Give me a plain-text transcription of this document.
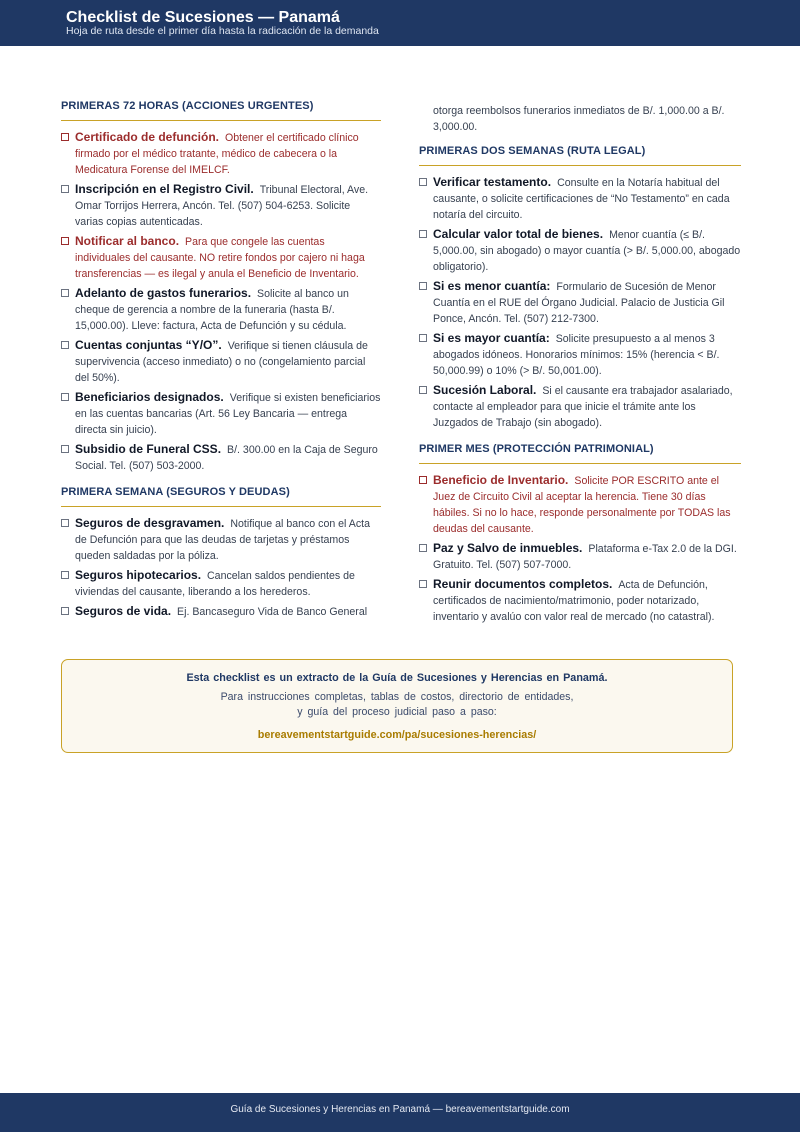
Checklist de Sucesiones — Panamá
Hoja de ruta desde el primer día hasta la radicación de la demanda
PRIMERAS 72 HORAS (ACCIONES URGENTES)
Certificado de defunción. Obtener el certificado clínico firmado por el médico tratante, médico de cabecera o la Medicatura Forense del IMELCF.
Inscripción en el Registro Civil. Tribunal Electoral, Ave. Omar Torrijos Herrera, Ancón. Tel. (507) 504-6253. Solicite varias copias autenticadas.
Notificar al banco. Para que congele las cuentas individuales del causante. NO retire fondos por cajero ni haga transferencias — es ilegal y anula el Beneficio de Inventario.
Adelanto de gastos funerarios. Solicite al banco un cheque de gerencia a nombre de la funeraria (hasta B/. 15,000.00). Lleve: factura, Acta de Defunción y su cédula.
Cuentas conjuntas “Y/O”. Verifique si tienen cláusula de supervivencia (acceso inmediato) o no (congelamiento parcial del 50%).
Beneficiarios designados. Verifique si existen beneficiarios en las cuentas bancarias (Art. 56 Ley Bancaria — entrega directa sin juicio).
Subsidio de Funeral CSS. B/. 300.00 en la Caja de Seguro Social. Tel. (507) 503-2000.
PRIMERA SEMANA (SEGUROS Y DEUDAS)
Seguros de desgravamen. Notifique al banco con el Acta de Defunción para que las deudas de tarjetas y préstamos queden saldadas por la póliza.
Seguros hipotecarios. Cancelan saldos pendientes de viviendas del causante, liberando a los herederos.
Seguros de vida. Ej. Bancaseguro Vida de Banco General
otorga reembolsos funerarios inmediatos de B/. 1,000.00 a B/. 3,000.00.
PRIMERAS DOS SEMANAS (RUTA LEGAL)
Verificar testamento. Consulte en la Notaría habitual del causante, o solicite certificaciones de “No Testamento” en cada notaría del circuito.
Calcular valor total de bienes. Menor cuantía (≤ B/. 5,000.00, sin abogado) o mayor cuantía (> B/. 5,000.00, abogado obligatorio).
Si es menor cuantía: Formulario de Sucesión de Menor Cuantía en el RUE del Órgano Judicial. Palacio de Justicia Gil Ponce, Ancón. Tel. (507) 212-7300.
Si es mayor cuantía: Solicite presupuesto a al menos 3 abogados idóneos. Honorarios mínimos: 15% (herencia < B/. 50,000.99) o 10% (> B/. 50,001.00).
Sucesión Laboral. Si el causante era trabajador asalariado, contacte al empleador para que inicie el trámite ante los Juzgados de Trabajo (sin abogado).
PRIMER MES (PROTECCIÓN PATRIMONIAL)
Beneficio de Inventario. Solicite POR ESCRITO ante el Juez de Circuito Civil al aceptar la herencia. Tiene 30 días hábiles. Si no lo hace, responde personalmente por TODAS las deudas del causante.
Paz y Salvo de inmuebles. Plataforma e-Tax 2.0 de la DGI. Gratuito. Tel. (507) 507-7000.
Reunir documentos completos. Acta de Defunción, certificados de nacimiento/matrimonio, poder notarizado, inventario y avalúo con valor real de mercado (no catastral).
Esta checklist es un extracto de la Guía de Sucesiones y Herencias en Panamá.
Para instrucciones completas, tablas de costos, directorio de entidades,
y guía del proceso judicial paso a paso:
bereavementstartguide.com/pa/sucesiones-herencias/
Guía de Sucesiones y Herencias en Panamá — bereavementstartguide.com
